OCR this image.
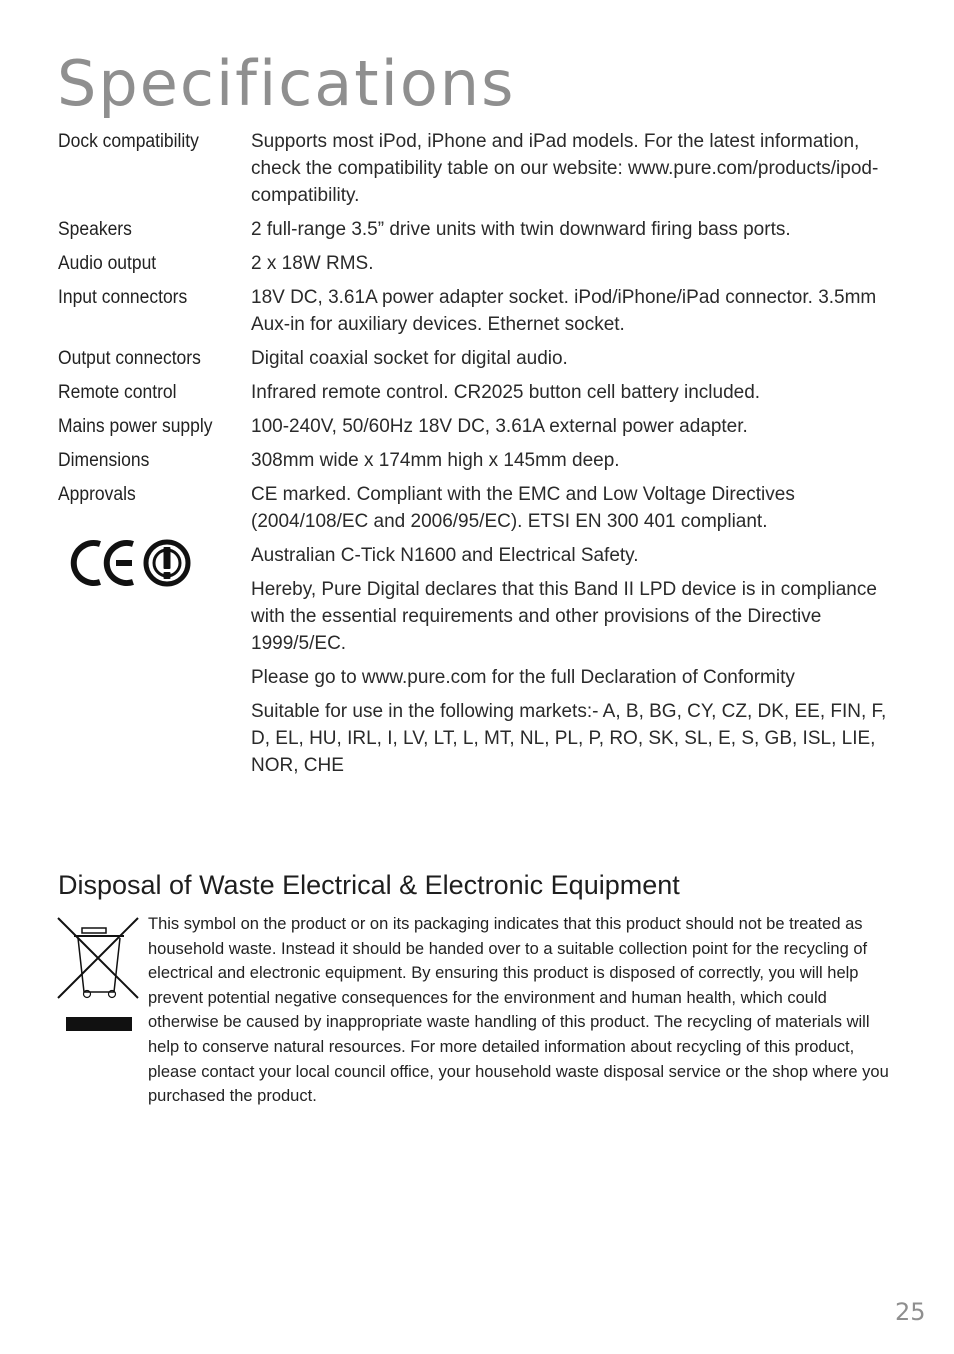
Specifications
Dock compatibility	Supports most iPod, iPhone and iPad models. For the latest information, check the compatibility table on our website: www.pure.com/products/ipod-compatibility.
Speakers	2 full-range 3.5” drive units with twin downward firing bass ports.
Audio output	2 x 18W RMS.
Input connectors	18V DC, 3.61A power adapter socket. iPod/iPhone/iPad connector. 3.5mm Aux-in for auxiliary devices. Ethernet socket.
Output connectors	Digital coaxial socket for digital audio.
Remote control	Infrared remote control. CR2025 button cell battery included.
Mains power supply	100-240V, 50/60Hz 18V DC, 3.61A external power adapter.
Dimensions	308mm wide x 174mm high x 145mm deep.
Approvals	CE marked. Compliant with the EMC and Low Voltage Directives (2004/108/EC and 2006/95/EC). ETSI EN 300 401 compliant.

Australian C-Tick N1600 and Electrical Safety.

Hereby, Pure Digital declares that this Band II LPD device is in compliance with the essential requirements and other provisions of the Directive 1999/5/EC.

Please go to www.pure.com for the full Declaration of Conformity

Suitable for use in the following markets:- A, B, BG, CY, CZ, DK, EE, FIN, F, D, EL, HU, IRL, I, LV, LT, L, MT, NL, PL, P, RO, SK, SL, E, S, GB, ISL, LIE, NOR, CHE

Disposal of Waste Electrical & Electronic Equipment

This symbol on the product or on its packaging indicates that this product should not be treated as household waste. Instead it should be handed over to a suitable collection point for the recycling of electrical and electronic equipment. By ensuring this product is disposed of correctly, you will help prevent potential negative consequences for the environment and human health, which could otherwise be caused by inappropriate waste handling of this product. The recycling of materials will help to conserve natural resources. For more detailed information about recycling of this product, please contact your local council office, your household waste disposal service or the shop where you purchased the product.

25
